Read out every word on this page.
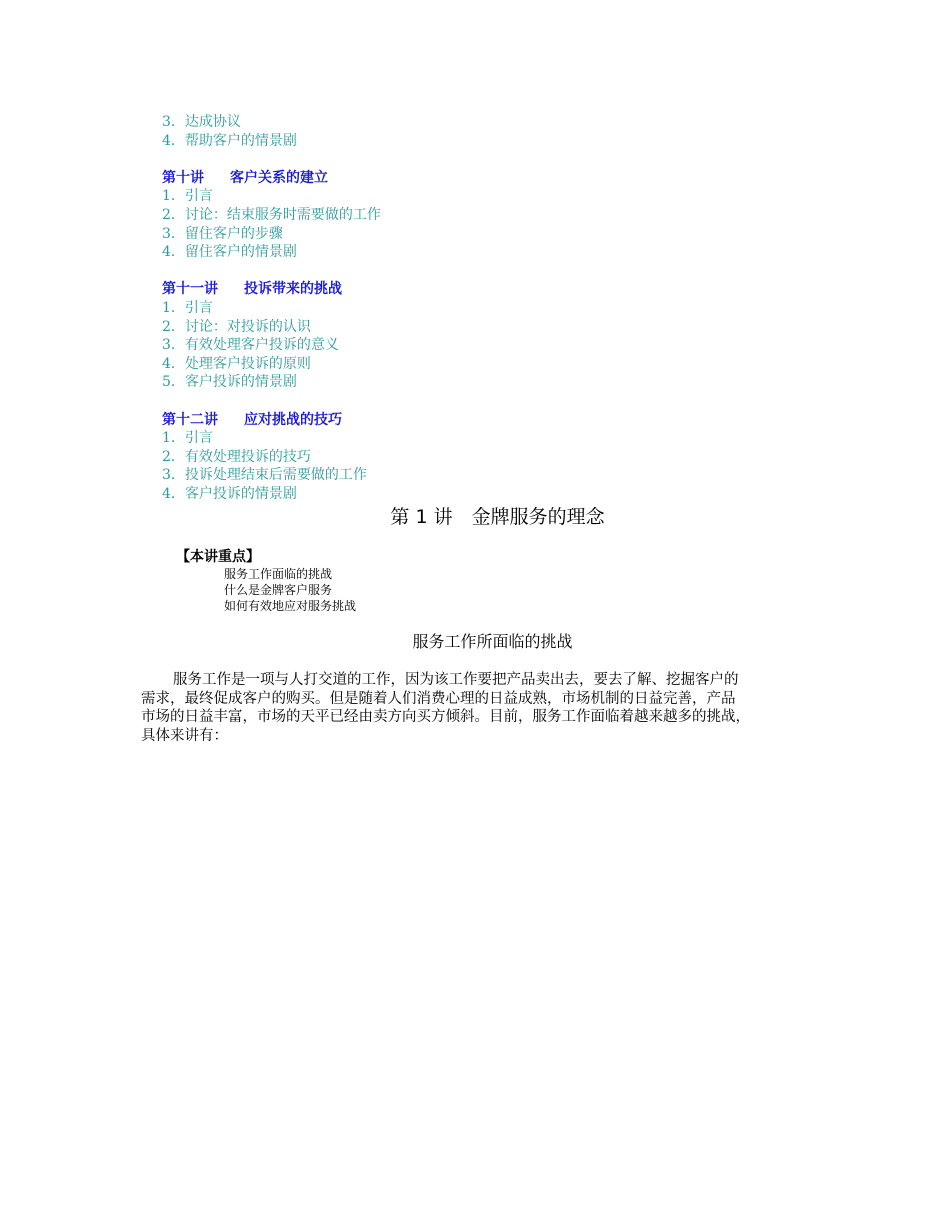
3．达成协议
4．帮助客户的情景剧
第十讲 客户关系的建立
1．引言
2．讨论：结束服务时需要做的工作
3．留住客户的步骤
4．留住客户的情景剧
第十一讲 投诉带来的挑战
1．引言
2．讨论：对投诉的认识
3．有效处理客户投诉的意义
4．处理客户投诉的原则
5．客户投诉的情景剧
第十二讲 应对挑战的技巧
1．引言
2．有效处理投诉的技巧
3．投诉处理结束后需要做的工作
4．客户投诉的情景剧
第 1 讲　金牌服务的理念
【本讲重点】
服务工作面临的挑战
什么是金牌客户服务
如何有效地应对服务挑战
服务工作所面临的挑战
服务工作是一项与人打交道的工作，因为该工作要把产品卖出去，要去了解、挖掘客户的
需求，最终促成客户的购买。但是随着人们消费心理的日益成熟，市场机制的日益完善，产品
市场的日益丰富，市场的天平已经由卖方向买方倾斜。目前，服务工作面临着越来越多的挑战，
具体来讲有：
